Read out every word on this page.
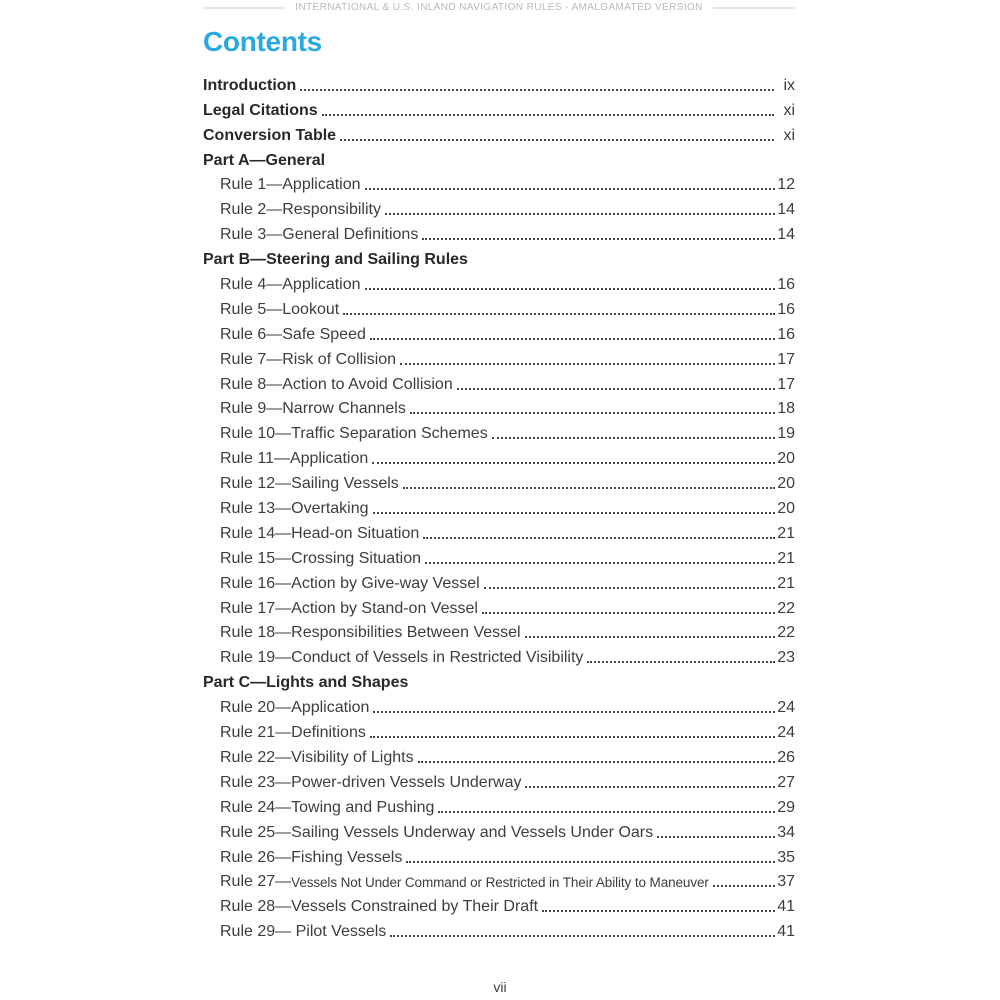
INTERNATIONAL & U.S. INLAND NAVIGATION RULES - AMALGAMATED VERSION
Contents
Introduction	ix
Legal Citations	xi
Conversion Table	xi
Part A—General
Rule 1—Application	12
Rule 2—Responsibility	14
Rule 3—General Definitions	14
Part B—Steering and Sailing Rules
Rule 4—Application	16
Rule 5—Lookout	16
Rule 6—Safe Speed	16
Rule 7—Risk of Collision	17
Rule 8—Action to Avoid Collision	17
Rule 9—Narrow Channels	18
Rule 10—Traffic Separation Schemes	19
Rule 11—Application	20
Rule 12—Sailing Vessels	20
Rule 13—Overtaking	20
Rule 14—Head-on Situation	21
Rule 15—Crossing Situation	21
Rule 16—Action by Give-way Vessel	21
Rule 17—Action by Stand-on Vessel	22
Rule 18—Responsibilities Between Vessel	22
Rule 19—Conduct of Vessels in Restricted Visibility	23
Part C—Lights and Shapes
Rule 20—Application	24
Rule 21—Definitions	24
Rule 22—Visibility of Lights	26
Rule 23—Power-driven Vessels Underway	27
Rule 24—Towing and Pushing	29
Rule 25—Sailing Vessels Underway and Vessels Under Oars	34
Rule 26—Fishing Vessels	35
Rule 27— Vessels Not Under Command or Restricted in Their Ability to Maneuver	37
Rule 28—Vessels Constrained by Their Draft	41
Rule 29— Pilot Vessels	41
vii
